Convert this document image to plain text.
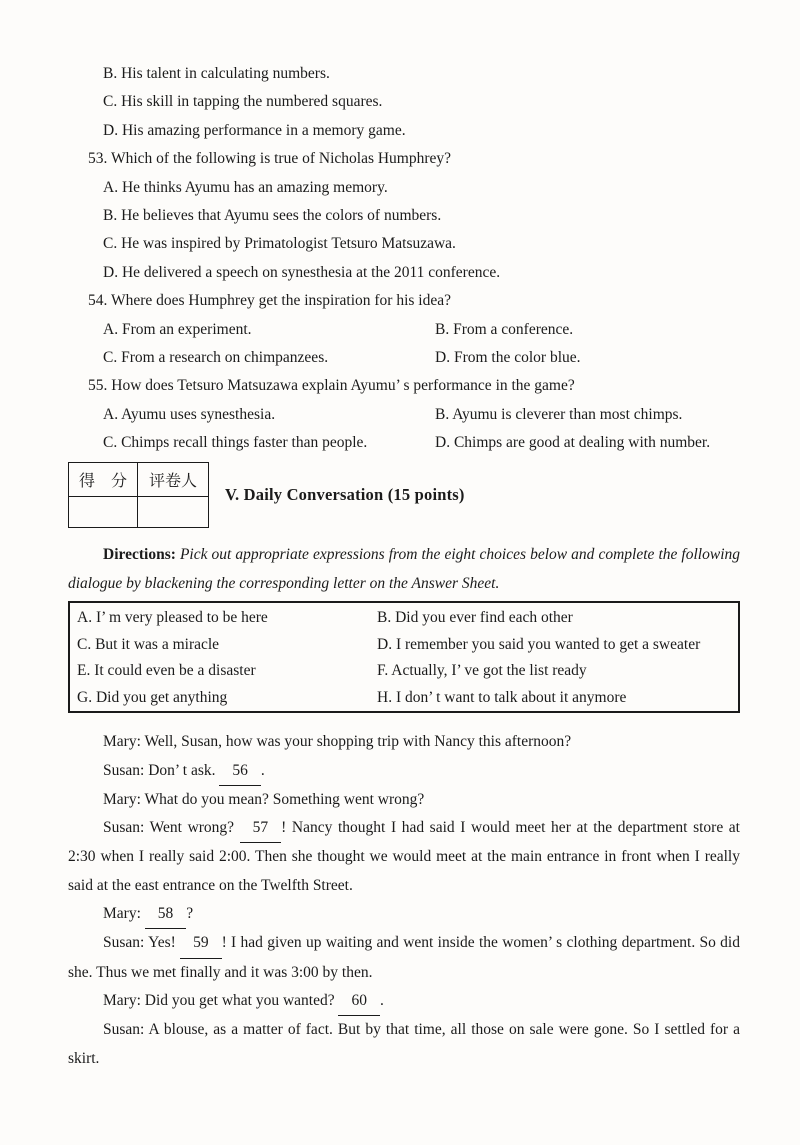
B. His talent in calculating numbers.
C. His skill in tapping the numbered squares.
D. His amazing performance in a memory game.
53. Which of the following is true of Nicholas Humphrey?
A. He thinks Ayumu has an amazing memory.
B. He believes that Ayumu sees the colors of numbers.
C. He was inspired by Primatologist Tetsuro Matsuzawa.
D. He delivered a speech on synesthesia at the 2011 conference.
54. Where does Humphrey get the inspiration for his idea?
A. From an experiment.	B. From a conference.
C. From a research on chimpanzees.	D. From the color blue.
55. How does Tetsuro Matsuzawa explain Ayumu’ s performance in the game?
A. Ayumu uses synesthesia.	B. Ayumu is cleverer than most chimps.
C. Chimps recall things faster than people.	D. Chimps are good at dealing with number.
得　分	评卷人

V. Daily Conversation (15 points)

Directions: Pick out appropriate expressions from the eight choices below and complete the following dialogue by blackening the corresponding letter on the Answer Sheet.

A. I’ m very pleased to be here	B. Did you ever find each other
C. But it was a miracle	D. I remember you said you wanted to get a sweater
E. It could even be a disaster	F. Actually, I’ ve got the list ready
G. Did you get anything	H. I don’ t want to talk about it anymore

Mary: Well, Susan, how was your shopping trip with Nancy this afternoon?

Susan: Don’ t ask. 56 .

Mary: What do you mean? Something went wrong?

Susan: Went wrong? 57 ! Nancy thought I had said I would meet her at the department store at 2:30 when I really said 2:00. Then she thought we would meet at the main entrance in front when I really said at the east entrance on the Twelfth Street.

Mary: 58 ?

Susan: Yes! 59 ! I had given up waiting and went inside the women’ s clothing department. So did she. Thus we met finally and it was 3:00 by then.

Mary: Did you get what you wanted? 60 .

Susan: A blouse, as a matter of fact. But by that time, all those on sale were gone. So I settled for a skirt.
